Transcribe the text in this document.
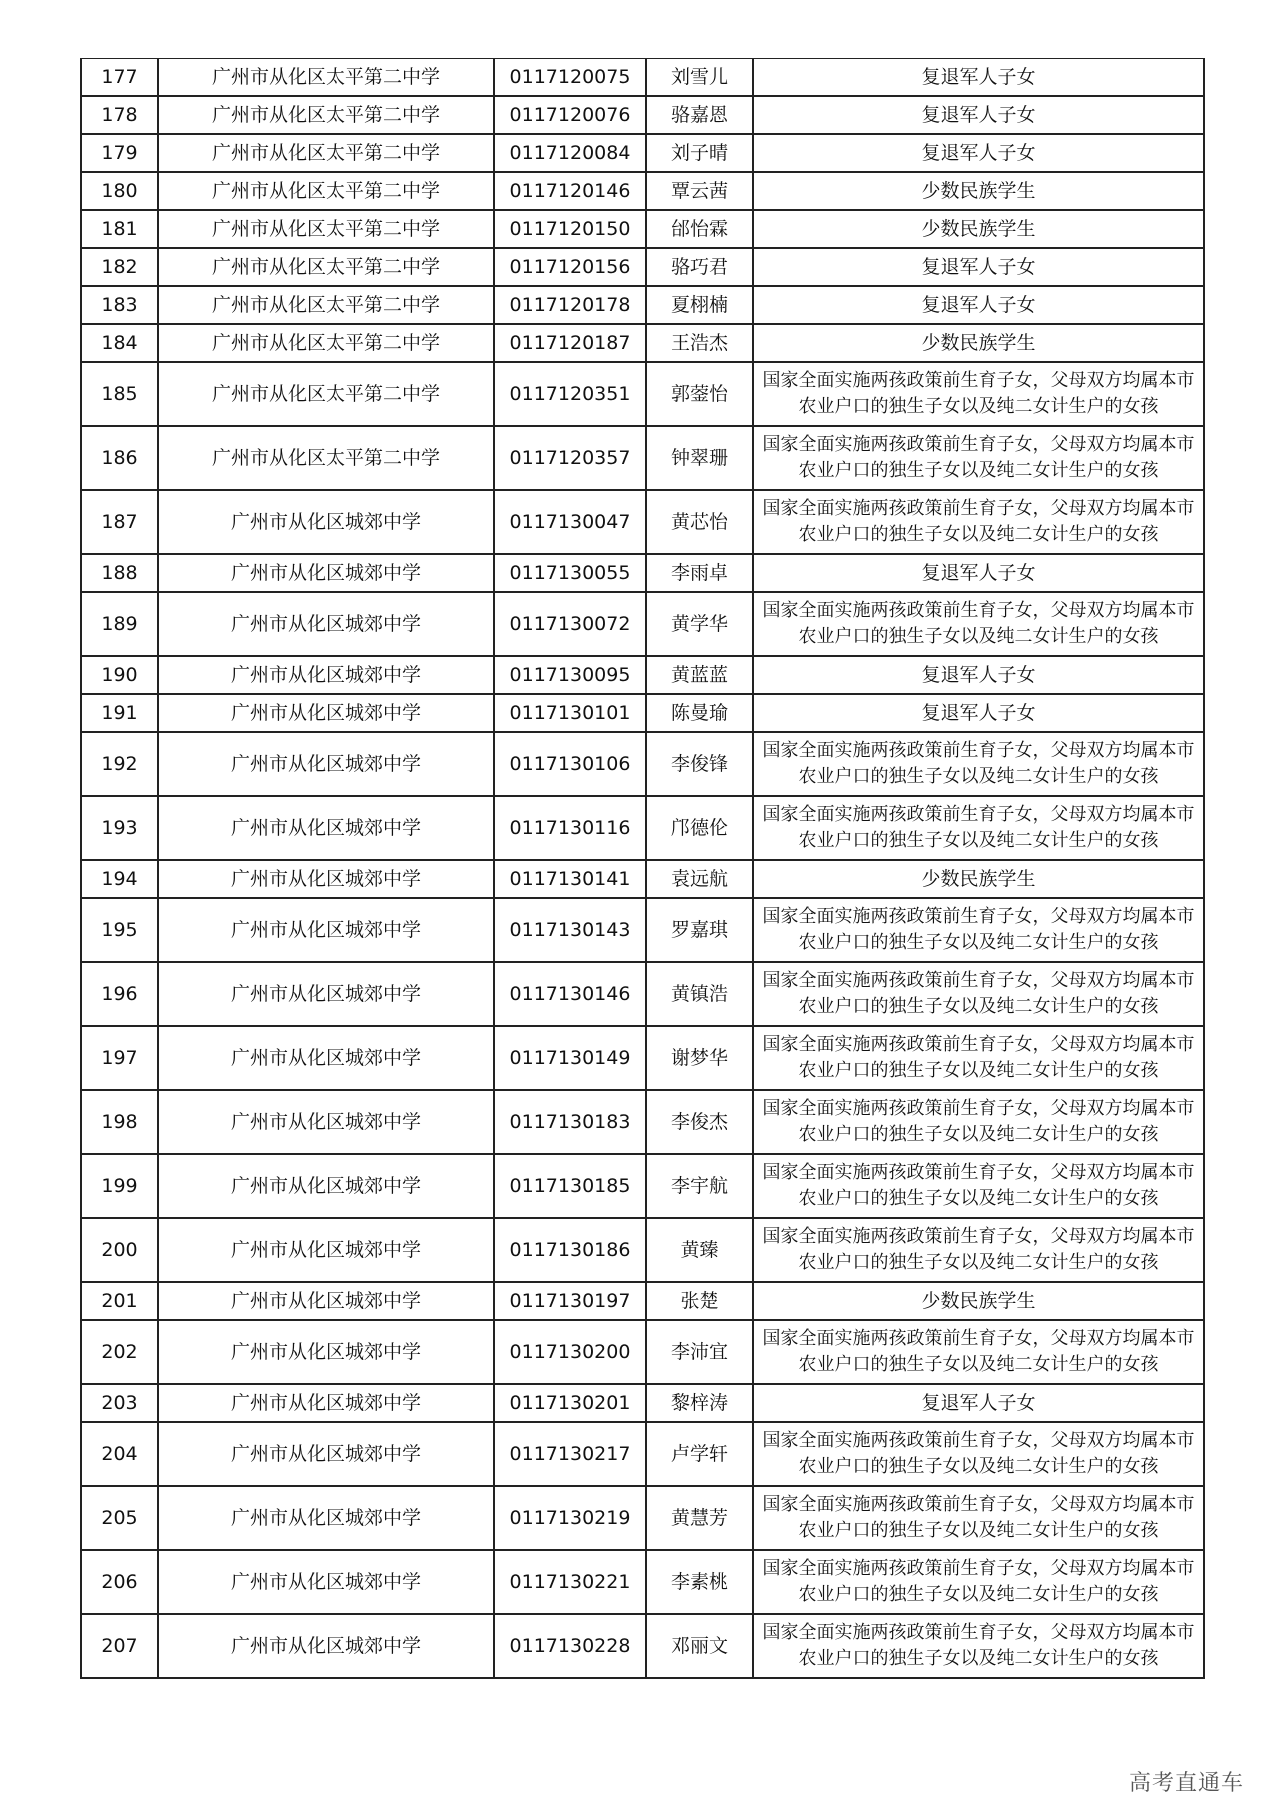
177	广州市从化区太平第二中学	0117120075	刘雪儿	复退军人子女
178	广州市从化区太平第二中学	0117120076	骆嘉恩	复退军人子女
179	广州市从化区太平第二中学	0117120084	刘子晴	复退军人子女
180	广州市从化区太平第二中学	0117120146	覃云茜	少数民族学生
181	广州市从化区太平第二中学	0117120150	邰怡霖	少数民族学生
182	广州市从化区太平第二中学	0117120156	骆巧君	复退军人子女
183	广州市从化区太平第二中学	0117120178	夏栩楠	复退军人子女
184	广州市从化区太平第二中学	0117120187	王浩杰	少数民族学生
185	广州市从化区太平第二中学	0117120351	郭蓥怡	国家全面实施两孩政策前生育子女，父母双方均属本市农业户口的独生子女以及纯二女计生户的女孩
186	广州市从化区太平第二中学	0117120357	钟翠珊	国家全面实施两孩政策前生育子女，父母双方均属本市农业户口的独生子女以及纯二女计生户的女孩
187	广州市从化区城郊中学	0117130047	黄芯怡	国家全面实施两孩政策前生育子女，父母双方均属本市农业户口的独生子女以及纯二女计生户的女孩
188	广州市从化区城郊中学	0117130055	李雨卓	复退军人子女
189	广州市从化区城郊中学	0117130072	黄学华	国家全面实施两孩政策前生育子女，父母双方均属本市农业户口的独生子女以及纯二女计生户的女孩
190	广州市从化区城郊中学	0117130095	黄蓝蓝	复退军人子女
191	广州市从化区城郊中学	0117130101	陈曼瑜	复退军人子女
192	广州市从化区城郊中学	0117130106	李俊锋	国家全面实施两孩政策前生育子女，父母双方均属本市农业户口的独生子女以及纯二女计生户的女孩
193	广州市从化区城郊中学	0117130116	邝德伦	国家全面实施两孩政策前生育子女，父母双方均属本市农业户口的独生子女以及纯二女计生户的女孩
194	广州市从化区城郊中学	0117130141	袁远航	少数民族学生
195	广州市从化区城郊中学	0117130143	罗嘉琪	国家全面实施两孩政策前生育子女，父母双方均属本市农业户口的独生子女以及纯二女计生户的女孩
196	广州市从化区城郊中学	0117130146	黄镇浩	国家全面实施两孩政策前生育子女，父母双方均属本市农业户口的独生子女以及纯二女计生户的女孩
197	广州市从化区城郊中学	0117130149	谢梦华	国家全面实施两孩政策前生育子女，父母双方均属本市农业户口的独生子女以及纯二女计生户的女孩
198	广州市从化区城郊中学	0117130183	李俊杰	国家全面实施两孩政策前生育子女，父母双方均属本市农业户口的独生子女以及纯二女计生户的女孩
199	广州市从化区城郊中学	0117130185	李宇航	国家全面实施两孩政策前生育子女，父母双方均属本市农业户口的独生子女以及纯二女计生户的女孩
200	广州市从化区城郊中学	0117130186	黄臻	国家全面实施两孩政策前生育子女，父母双方均属本市农业户口的独生子女以及纯二女计生户的女孩
201	广州市从化区城郊中学	0117130197	张楚	少数民族学生
202	广州市从化区城郊中学	0117130200	李沛宜	国家全面实施两孩政策前生育子女，父母双方均属本市农业户口的独生子女以及纯二女计生户的女孩
203	广州市从化区城郊中学	0117130201	黎梓涛	复退军人子女
204	广州市从化区城郊中学	0117130217	卢学轩	国家全面实施两孩政策前生育子女，父母双方均属本市农业户口的独生子女以及纯二女计生户的女孩
205	广州市从化区城郊中学	0117130219	黄慧芳	国家全面实施两孩政策前生育子女，父母双方均属本市农业户口的独生子女以及纯二女计生户的女孩
206	广州市从化区城郊中学	0117130221	李素桃	国家全面实施两孩政策前生育子女，父母双方均属本市农业户口的独生子女以及纯二女计生户的女孩
207	广州市从化区城郊中学	0117130228	邓丽文	国家全面实施两孩政策前生育子女，父母双方均属本市农业户口的独生子女以及纯二女计生户的女孩
高考直通车
